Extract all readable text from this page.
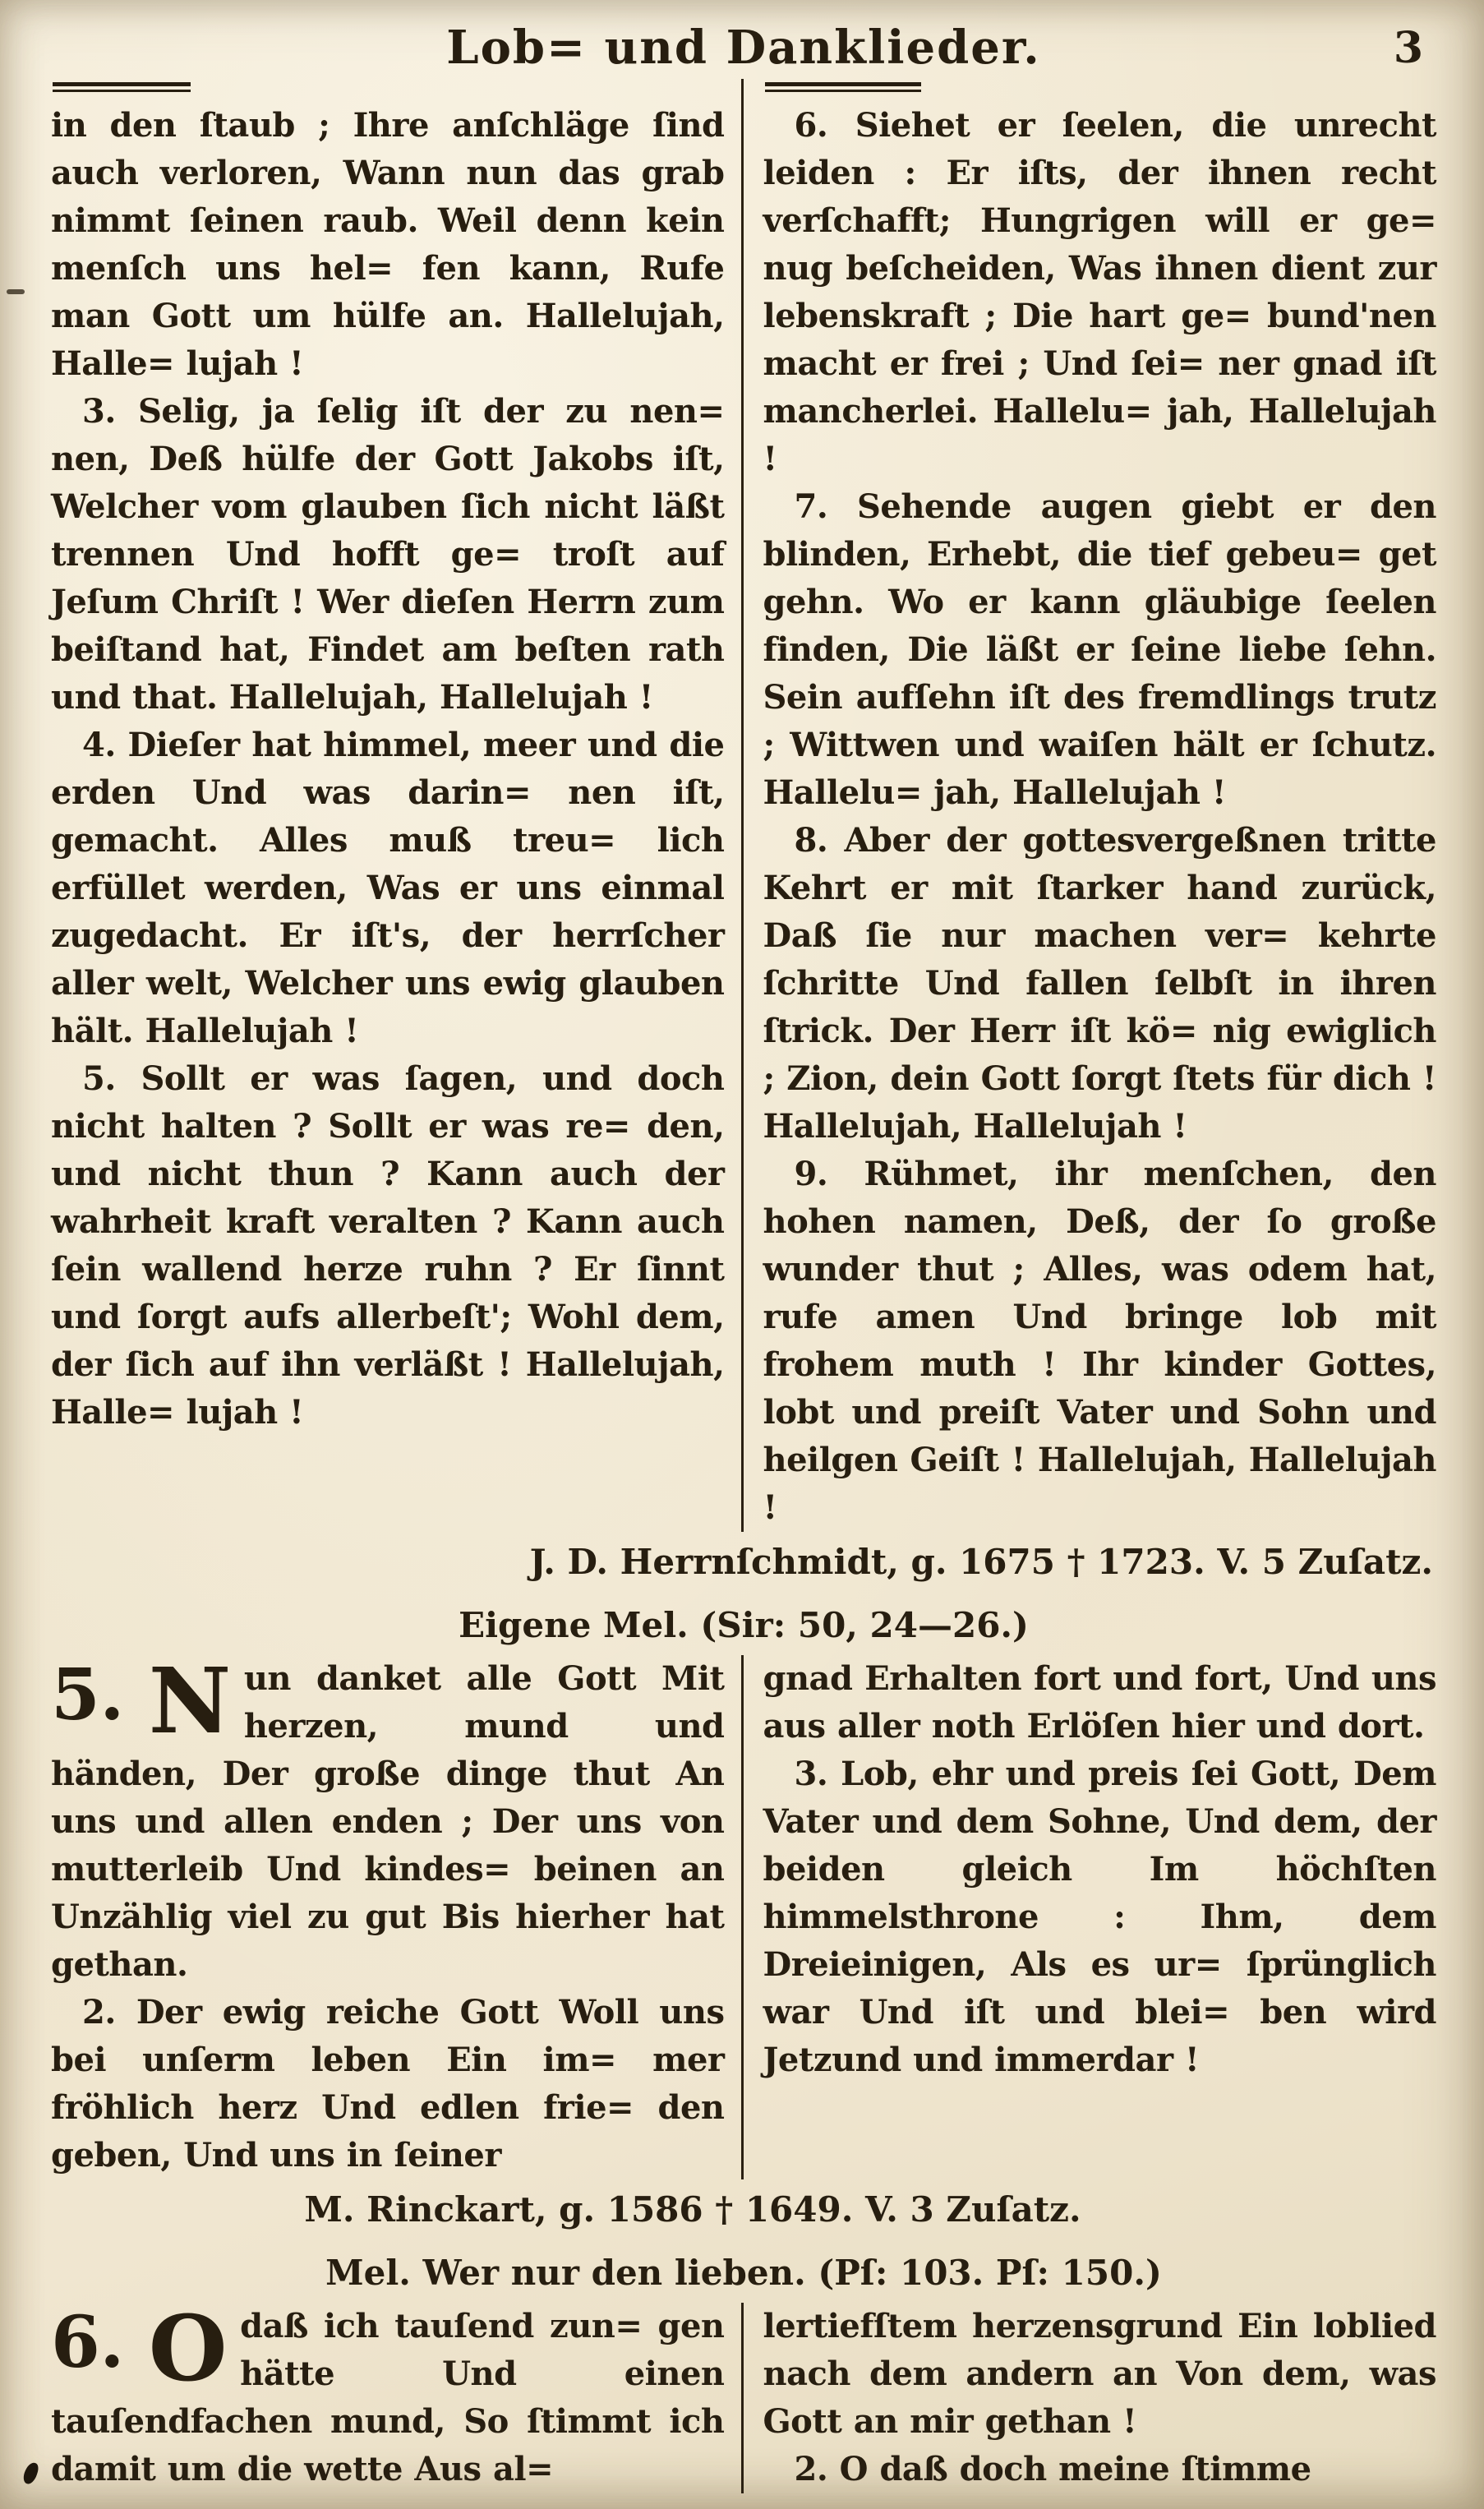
Lob= und Danklieder.	3

in den ſtaub ; Ihre anſchläge ſind auch verloren, Wann nun das grab nimmt ſeinen raub. Weil denn kein menſch uns hel= fen kann, Rufe man Gott um hülfe an. Hallelujah, Halle= lujah !

3. Selig, ja ſelig iſt der zu nen= nen, Deß hülfe der Gott Jakobs iſt, Welcher vom glauben ſich nicht läßt trennen Und hofft ge= troſt auf Jeſum Chriſt ! Wer dieſen Herrn zum beiſtand hat, Findet am beſten rath und that. Hallelujah, Hallelujah !

4. Dieſer hat himmel, meer und die erden Und was darin= nen iſt, gemacht. Alles muß treu= lich erfüllet werden, Was er uns einmal zugedacht. Er iſt's, der herrſcher aller welt, Welcher uns ewig glauben hält. Hallelujah !

5. Sollt er was ſagen, und doch nicht halten ? Sollt er was re= den, und nicht thun ? Kann auch der wahrheit kraft veralten ? Kann auch ſein wallend herze ruhn ? Er ſinnt und ſorgt aufs allerbeſt'; Wohl dem, der ſich auf ihn verläßt ! Hallelujah, Halle= lujah !

6. Siehet er ſeelen, die unrecht leiden : Er iſts, der ihnen recht verſchafft; Hungrigen will er ge= nug beſcheiden, Was ihnen dient zur lebenskraft ; Die hart ge= bund'nen macht er frei ; Und ſei= ner gnad iſt mancherlei. Hallelu= jah, Hallelujah !

7. Sehende augen giebt er den blinden, Erhebt, die tief gebeu= get gehn. Wo er kann gläubige ſeelen finden, Die läßt er ſeine liebe ſehn. Sein aufſehn iſt des fremdlings trutz ; Wittwen und waiſen hält er ſchutz. Hallelu= jah, Hallelujah !

8. Aber der gottesvergeßnen tritte Kehrt er mit ſtarker hand zurück, Daß ſie nur machen ver= kehrte ſchritte Und fallen ſelbſt in ihren ſtrick. Der Herr iſt kö= nig ewiglich ; Zion, dein Gott ſorgt ſtets für dich ! Hallelujah, Hallelujah !

9. Rühmet, ihr menſchen, den hohen namen, Deß, der ſo große wunder thut ; Alles, was odem hat, rufe amen Und bringe lob mit frohem muth ! Ihr kinder Gottes, lobt und preiſt Vater und Sohn und heilgen Geiſt ! Hallelujah, Hallelujah !

J. D. Herrnſchmidt, g. 1675 † 1723. V. 5 Zuſatz.
Eigene Mel. (Sir: 50, 24—26.)

5. N un danket alle Gott Mit herzen, mund und händen, Der große dinge thut An uns und allen enden ; Der uns von mutterleib Und kindes= beinen an Unzählig viel zu gut Bis hierher hat gethan.

2. Der ewig reiche Gott Woll uns bei unſerm leben Ein im= mer fröhlich herz Und edlen frie= den geben, Und uns in ſeiner

gnad Erhalten fort und fort, Und uns aus aller noth Erlöſen hier und dort.

3. Lob, ehr und preis ſei Gott, Dem Vater und dem Sohne, Und dem, der beiden gleich Im höchſten himmelsthrone : Ihm, dem Dreieinigen, Als es ur= ſprünglich war Und iſt und blei= ben wird Jetzund und immerdar !

M. Rinckart, g. 1586 † 1649. V. 3 Zuſatz.
Mel. Wer nur den lieben. (Pſ: 103. Pſ: 150.)

6. O daß ich tauſend zun= gen hätte Und einen tauſendfachen mund, So ſtimmt ich damit um die wette Aus al=

lertiefſtem herzensgrund Ein loblied nach dem andern an Von dem, was Gott an mir gethan !

2. O daß doch meine ſtimme
